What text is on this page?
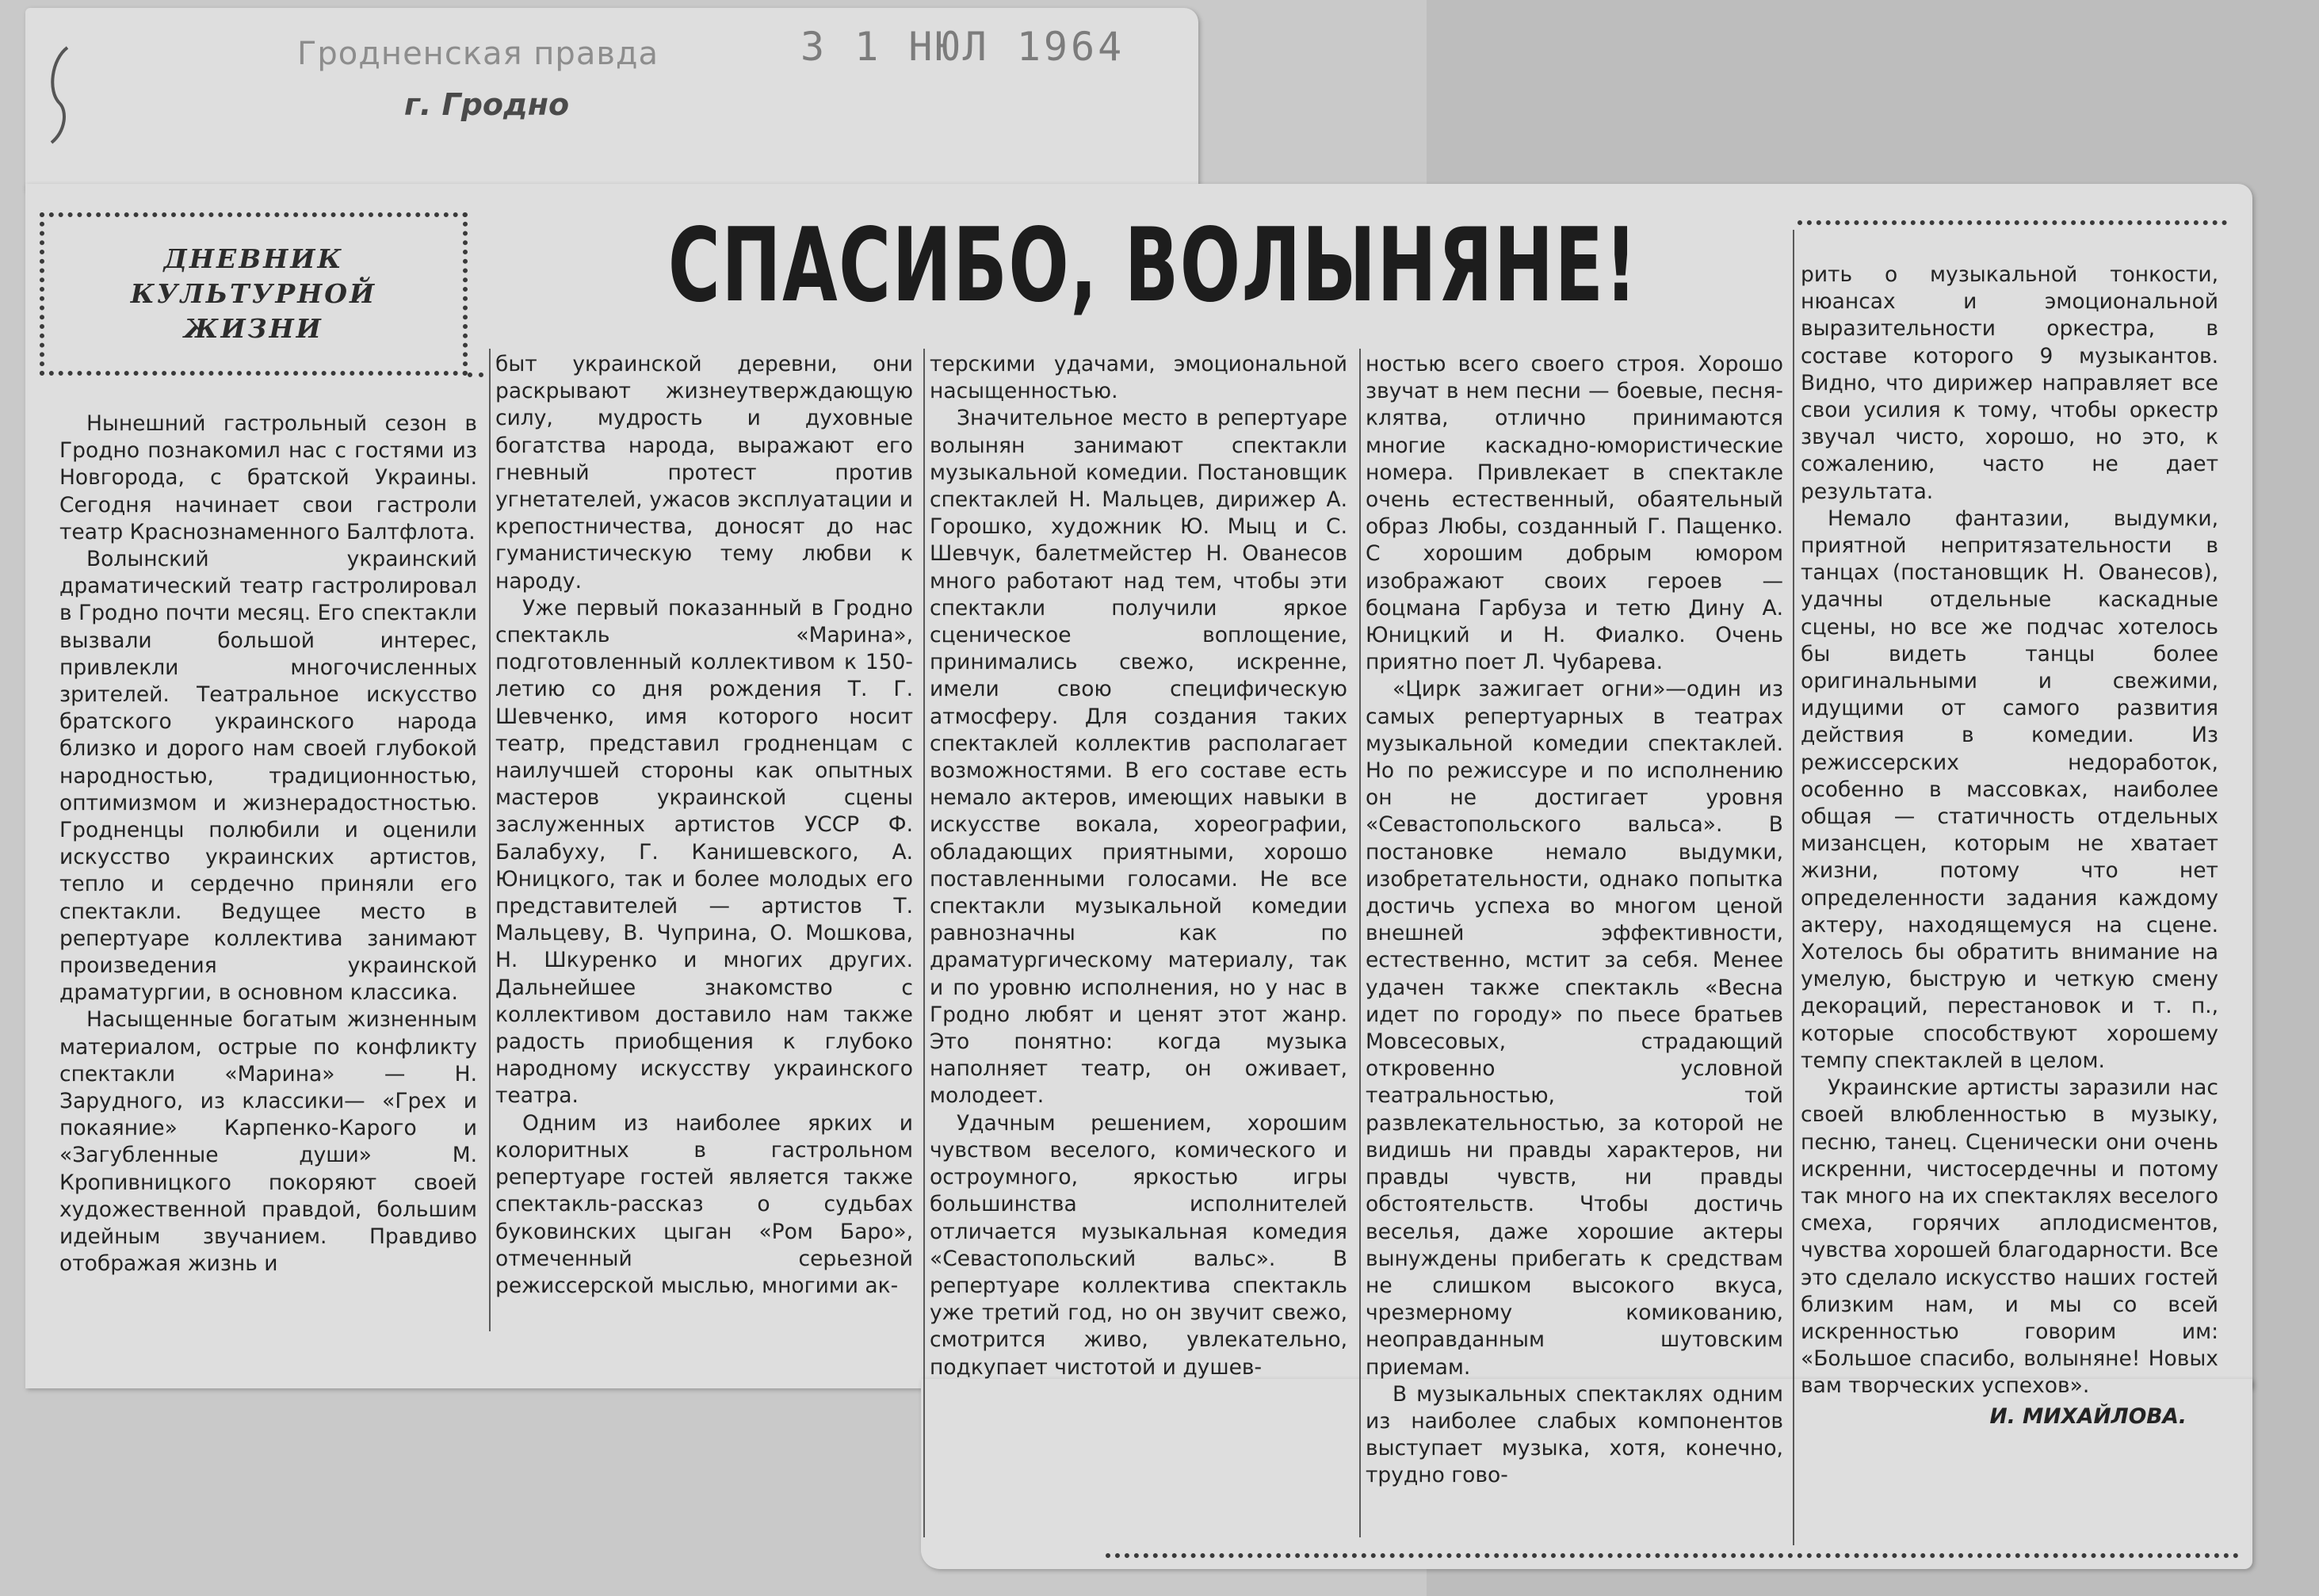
Гродненская правда	3 1 НЮЛ 1964
г. Гродно
ДНЕВНИК
КУЛЬТУРНОЙ
ЖИЗНИ
СПАСИБО, ВОЛЫНЯНЕ!

Нынешний гастрольный сезон в Гродно познакомил нас с гостями из Новгорода, с братской Украины. Сегодня начинает свои гастроли театр Краснознаменного Балтфлота.

Волынский украинский драматический театр гастролировал в Гродно почти месяц. Его спектакли вызвали большой интерес, привлекли многочисленных зрителей. Театральное искусство братского украинского народа близко и дорого нам своей глубокой народностью, традиционностью, оптимизмом и жизнерадостностью. Гродненцы полюбили и оценили искусство украинских артистов, тепло и сердечно приняли его спектакли. Ведущее место в репертуаре коллектива занимают произведения украинской драматургии, в основном классика.

Насыщенные богатым жизненным материалом, острые по конфликту спектакли «Марина» — Н. Зарудного, из классики— «Грех и покаяние» Карпенко-Карого и «Загубленные души» М. Кропивницкого покоряют своей художественной правдой, большим идейным звучанием. Правдиво отображая жизнь и

быт украинской деревни, они раскрывают жизнеутверждающую силу, мудрость и духовные богатства народа, выражают его гневный протест против угнетателей, ужасов эксплуатации и крепостничества, доносят до нас гуманистическую тему любви к народу.

Уже первый показанный в Гродно спектакль «Марина», подготовленный коллективом к 150-летию со дня рождения Т. Г. Шевченко, имя которого носит театр, представил гродненцам с наилучшей стороны как опытных мастеров украинской сцены заслуженных артистов УССР Ф. Балабуху, Г. Канишевского, А. Юницкого, так и более молодых его представителей — артистов Т. Мальцеву, В. Чуприна, О. Мошкова, Н. Шкуренко и многих других. Дальнейшее знакомство с коллективом доставило нам также радость приобщения к глубоко народному искусству украинского театра.

Одним из наиболее ярких и колоритных в гастрольном репертуаре гостей является также спектакль-рассказ о судьбах буковинских цыган «Ром Баро», отмеченный серьезной режиссерской мыслью, многими ак-

терскими удачами, эмоциональной насыщенностью.

Значительное место в репертуаре волынян занимают спектакли музыкальной комедии. Постановщик спектаклей Н. Мальцев, дирижер А. Горошко, художник Ю. Мыц и С. Шевчук, балетмейстер Н. Ованесов много работают над тем, чтобы эти спектакли получили яркое сценическое воплощение, принимались свежо, искренне, имели свою специфическую атмосферу. Для создания таких спектаклей коллектив располагает возможностями. В его составе есть немало актеров, имеющих навыки в искусстве вокала, хореографии, обладающих приятными, хорошо поставленными голосами. Не все спектакли музыкальной комедии равнозначны как по драматургическому материалу, так и по уровню исполнения, но у нас в Гродно любят и ценят этот жанр. Это понятно: когда музыка наполняет театр, он оживает, молодеет.

Удачным решением, хорошим чувством веселого, комического и остроумного, яркостью игры большинства исполнителей отличается музыкальная комедия «Севастопольский вальс». В репертуаре коллектива спектакль уже третий год, но он звучит свежо, смотрится живо, увлекательно, подкупает чистотой и душев-

ностью всего своего строя. Хорошо звучат в нем песни — боевые, песня-клятва, отлично принимаются многие каскадно-юмористические номера. Привлекает в спектакле очень естественный, обаятельный образ Любы, созданный Г. Пащенко. С хорошим добрым юмором изображают своих героев — боцмана Гарбуза и тетю Дину А. Юницкий и Н. Фиалко. Очень приятно поет Л. Чубарева.

«Цирк зажигает огни»—один из самых репертуарных в театрах музыкальной комедии спектаклей. Но по режиссуре и по исполнению он не достигает уровня «Севастопольского вальса». В постановке немало выдумки, изобретательности, однако попытка достичь успеха во многом ценой внешней эффективности, естественно, мстит за себя. Менее удачен также спектакль «Весна идет по городу» по пьесе братьев Мовсесовых, страдающий откровенно условной театральностью, той развлекательностью, за которой не видишь ни правды характеров, ни правды чувств, ни правды обстоятельств. Чтобы достичь веселья, даже хорошие актеры вынуждены прибегать к средствам не слишком высокого вкуса, чрезмерному комикованию, неоправданным шутовским приемам.

В музыкальных спектаклях одним из наиболее слабых компонентов выступает музыка, хотя, конечно, трудно гово-

рить о музыкальной тонкости, нюансах и эмоциональной выразительности оркестра, в составе которого 9 музыкантов. Видно, что дирижер направляет все свои усилия к тому, чтобы оркестр звучал чисто, хорошо, но это, к сожалению, часто не дает результата.

Немало фантазии, выдумки, приятной непритязательности в танцах (постановщик Н. Ованесов), удачны отдельные каскадные сцены, но все же подчас хотелось бы видеть танцы более оригинальными и свежими, идущими от самого развития действия в комедии. Из режиссерских недоработок, особенно в массовках, наиболее общая — статичность отдельных мизансцен, которым не хватает жизни, потому что нет определенности задания каждому актеру, находящемуся на сцене. Хотелось бы обратить внимание на умелую, быструю и четкую смену декораций, перестановок и т. п., которые способствуют хорошему темпу спектаклей в целом.

Украинские артисты заразили нас своей влюбленностью в музыку, песню, танец. Сценически они очень искренни, чистосердечны и потому так много на их спектаклях веселого смеха, горячих аплодисментов, чувства хорошей благодарности. Все это сделало искусство наших гостей близким нам, и мы со всей искренностью говорим им: «Большое спасибо, волыняне! Новых вам творческих успехов».

И. МИХАЙЛОВА.
